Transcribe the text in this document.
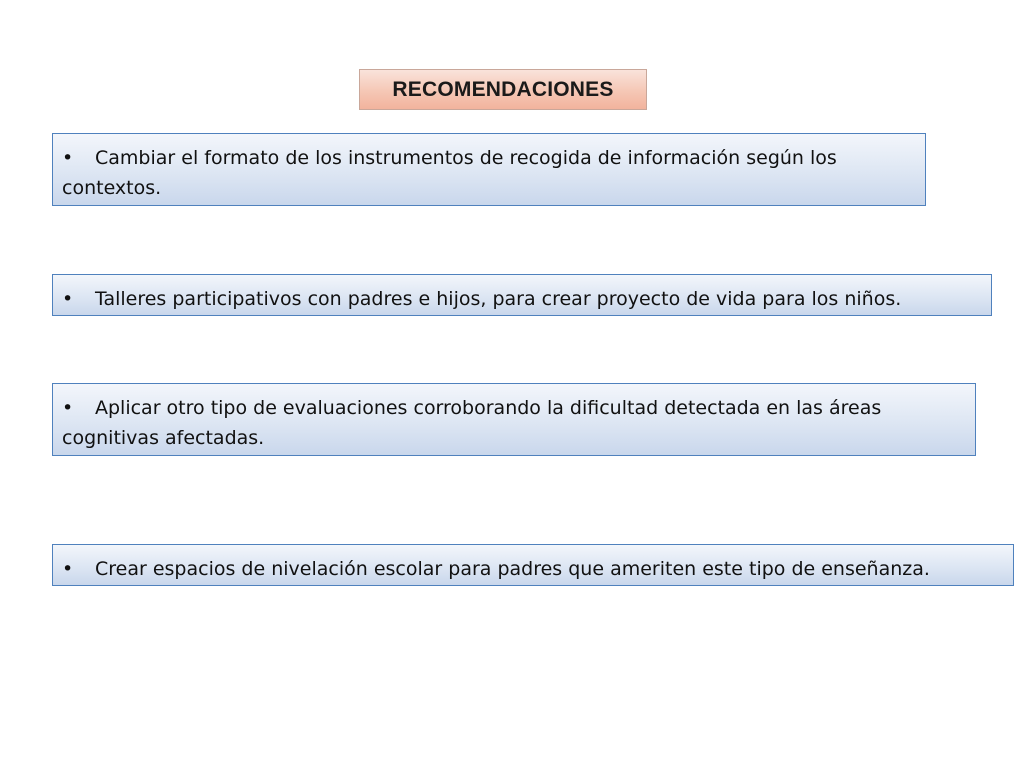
RECOMENDACIONES
• Cambiar el formato de los instrumentos de recogida de información según los contextos.
• Talleres participativos con padres e hijos, para crear proyecto de vida para los niños.
• Aplicar otro tipo de evaluaciones corroborando la dificultad detectada en las áreas cognitivas afectadas.
• Crear espacios de nivelación escolar para padres que ameriten este tipo de enseñanza.
